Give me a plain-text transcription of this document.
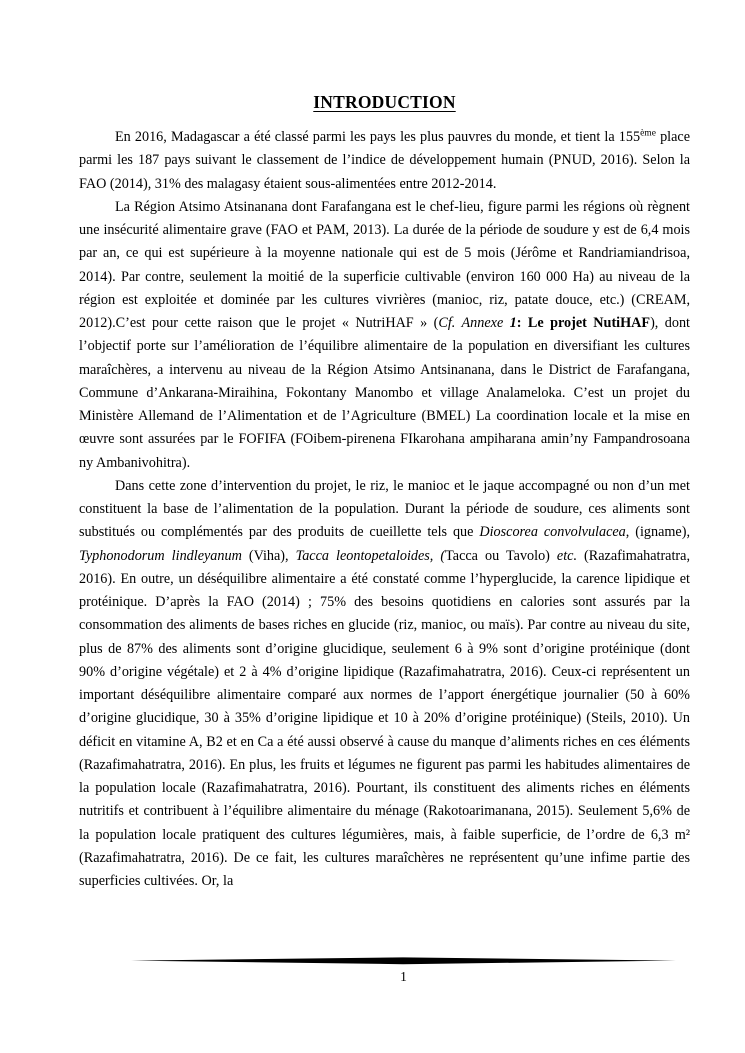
INTRODUCTION

En 2016, Madagascar a été classé parmi les pays les plus pauvres du monde, et tient la 155ème place parmi les 187 pays suivant le classement de l’indice de développement humain (PNUD, 2016). Selon la FAO (2014), 31% des malagasy étaient sous-alimentées entre 2012-2014.

La Région Atsimo Atsinanana dont Farafangana est le chef-lieu, figure parmi les régions où règnent une insécurité alimentaire grave (FAO et PAM, 2013). La durée de la période de soudure y est de 6,4 mois par an, ce qui est supérieure à la moyenne nationale qui est de 5 mois (Jérôme et Randriamiandrisoa, 2014). Par contre, seulement la moitié de la superficie cultivable (environ 160 000 Ha) au niveau de la région est exploitée et dominée par les cultures vivrières (manioc, riz, patate douce, etc.) (CREAM, 2012).C’est pour cette raison que le projet « NutriHAF » (Cf. Annexe 1: Le projet NutiHAF), dont l’objectif porte sur l’amélioration de l’équilibre alimentaire de la population en diversifiant les cultures maraîchères, a intervenu au niveau de la Région Atsimo Antsinanana, dans le District de Farafangana, Commune d’Ankarana-Miraihina, Fokontany Manombo et village Analameloka. C’est un projet du Ministère Allemand de l’Alimentation et de l’Agriculture (BMEL) La coordination locale et la mise en œuvre sont assurées par le FOFIFA (FOibem-pirenena FIkarohana ampiharana amin’ny Fampandrosoana ny Ambanivohitra).

Dans cette zone d’intervention du projet, le riz, le manioc et le jaque accompagné ou non d’un met constituent la base de l’alimentation de la population. Durant la période de soudure, ces aliments sont substitués ou complémentés par des produits de cueillette tels que Dioscorea convolvulacea, (igname), Typhonodorum lindleyanum (Viha), Tacca leontopetaloides, (Tacca ou Tavolo) etc. (Razafimahatratra, 2016). En outre, un déséquilibre alimentaire a été constaté comme l’hyperglucide, la carence lipidique et protéinique. D’après la FAO (2014) ; 75% des besoins quotidiens en calories sont assurés par la consommation des aliments de bases riches en glucide (riz, manioc, ou maïs). Par contre au niveau du site, plus de 87% des aliments sont d’origine glucidique, seulement 6 à 9% sont d’origine protéinique (dont 90% d’origine végétale) et 2 à 4% d’origine lipidique (Razafimahatratra, 2016). Ceux-ci représentent un important déséquilibre alimentaire comparé aux normes de l’apport énergétique journalier (50 à 60% d’origine glucidique, 30 à 35% d’origine lipidique et 10 à 20% d’origine protéinique) (Steils, 2010). Un déficit en vitamine A, B2 et en Ca a été aussi observé à cause du manque d’aliments riches en ces éléments (Razafimahatratra, 2016). En plus, les fruits et légumes ne figurent pas parmi les habitudes alimentaires de la population locale (Razafimahatratra, 2016). Pourtant, ils constituent des aliments riches en éléments nutritifs et contribuent à l’équilibre alimentaire du ménage (Rakotoarimanana, 2015). Seulement 5,6% de la population locale pratiquent des cultures légumières, mais, à faible superficie, de l’ordre de 6,3 m² (Razafimahatratra, 2016). De ce fait, les cultures maraîchères ne représentent qu’une infime partie des superficies cultivées. Or, la

1
